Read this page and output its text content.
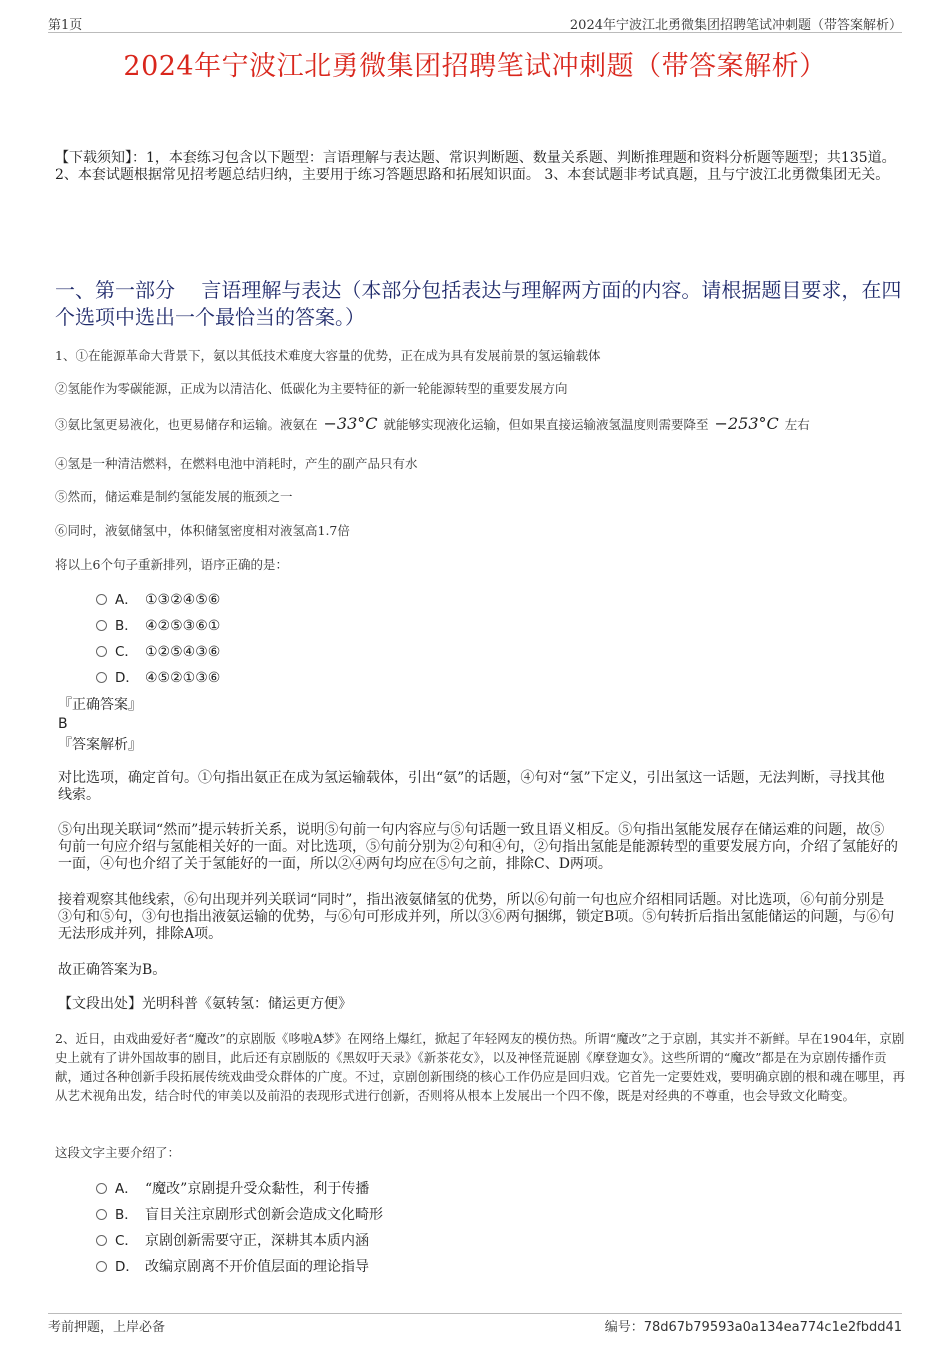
第1页	2024年宁波江北勇微集团招聘笔试冲刺题（带答案解析）
2024年宁波江北勇微集团招聘笔试冲刺题（带答案解析）
【下载须知】：1，本套练习包含以下题型：言语理解与表达题、常识判断题、数量关系题、判断推理题和资料分析题等题型；共135道。 2、本套试题根据常见招考题总结归纳，主要用于练习答题思路和拓展知识面。 3、本套试题非考试真题，且与宁波江北勇微集团无关。
一、第一部分　 言语理解与表达（本部分包括表达与理解两方面的内容。请根据题目要求，在四个选项中选出一个最恰当的答案。）
1、①在能源革命大背景下，氨以其低技术难度大容量的优势，正在成为具有发展前景的氢运输载体
②氢能作为零碳能源，正成为以清洁化、低碳化为主要特征的新一轮能源转型的重要发展方向
③氨比氢更易液化，也更易储存和运输。液氨在 −33°C 就能够实现液化运输，但如果直接运输液氢温度则需要降至 −253°C 左右
④氢是一种清洁燃料，在燃料电池中消耗时，产生的副产品只有水
⑤然而，储运难是制约氢能发展的瓶颈之一
⑥同时，液氨储氢中，体积储氢密度相对液氢高1.7倍
将以上6个句子重新排列，语序正确的是：
A． ①③②④⑤⑥
B． ④②⑤③⑥①
C． ①②⑤④③⑥
D． ④⑤②①③⑥
『正确答案』
B
『答案解析』
对比选项，确定首句。①句指出氨正在成为氢运输载体，引出“氨”的话题，④句对“氢”下定义，引出氢这一话题，无法判断，寻找其他线索。
⑤句出现关联词“然而”提示转折关系，说明⑤句前一句内容应与⑤句话题一致且语义相反。⑤句指出氢能发展存在储运难的问题，故⑤句前一句应介绍与氢能相关好的一面。对比选项，⑤句前分别为②句和④句，②句指出氢能是能源转型的重要发展方向，介绍了氢能好的一面，④句也介绍了关于氢能好的一面，所以②④两句均应在⑤句之前，排除C、D两项。
接着观察其他线索，⑥句出现并列关联词“同时”，指出液氨储氢的优势，所以⑥句前一句也应介绍相同话题。对比选项，⑥句前分别是③句和⑤句，③句也指出液氨运输的优势，与⑥句可形成并列，所以③⑥两句捆绑，锁定B项。⑤句转折后指出氢能储运的问题，与⑥句无法形成并列，排除A项。
故正确答案为B。
【文段出处】光明科普《氨转氢：储运更方便》
2、近日，由戏曲爱好者“魔改”的京剧版《哆啦A梦》在网络上爆红，掀起了年轻网友的模仿热。所谓“魔改”之于京剧，其实并不新鲜。早在1904年，京剧史上就有了讲外国故事的剧目，此后还有京剧版的《黑奴吁天录》《新茶花女》，以及神怪荒诞剧《摩登迦女》。这些所谓的“魔改”都是在为京剧传播作贡献，通过各种创新手段拓展传统戏曲受众群体的广度。不过，京剧创新围绕的核心工作仍应是回归戏。它首先一定要姓戏，要明确京剧的根和魂在哪里，再从艺术视角出发，结合时代的审美以及前沿的表现形式进行创新，否则将从根本上发展出一个四不像，既是对经典的不尊重，也会导致文化畸变。
这段文字主要介绍了：
A． “魔改”京剧提升受众黏性，利于传播
B． 盲目关注京剧形式创新会造成文化畸形
C． 京剧创新需要守正，深耕其本质内涵
D． 改编京剧离不开价值层面的理论指导
考前押题，上岸必备	编号：78d67b79593a0a134ea774c1e2fbdd41
